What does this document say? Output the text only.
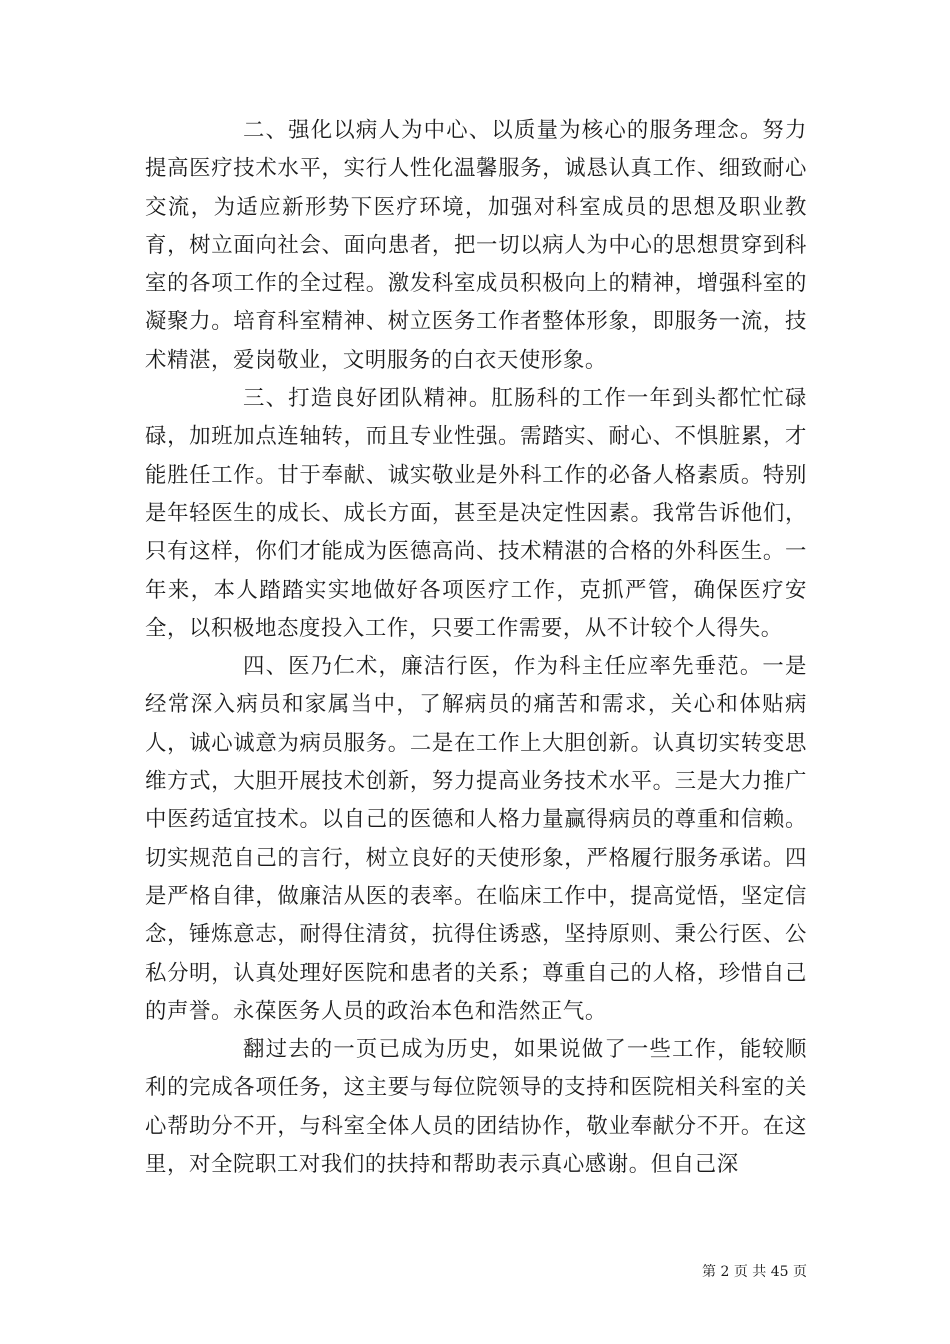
二、强化以病人为中心、以质量为核心的服务理念。努力提高医疗技术水平，实行人性化温馨服务，诚恳认真工作、细致耐心交流，为适应新形势下医疗环境，加强对科室成员的思想及职业教育，树立面向社会、面向患者，把一切以病人为中心的思想贯穿到科室的各项工作的全过程。激发科室成员积极向上的精神，增强科室的凝聚力。培育科室精神、树立医务工作者整体形象，即服务一流，技术精湛，爱岗敬业，文明服务的白衣天使形象。

三、打造良好团队精神。肛肠科的工作一年到头都忙忙碌碌，加班加点连轴转，而且专业性强。需踏实、耐心、不惧脏累，才能胜任工作。甘于奉献、诚实敬业是外科工作的必备人格素质。特别是年轻医生的成长、成长方面，甚至是决定性因素。我常告诉他们，只有这样，你们才能成为医德高尚、技术精湛的合格的外科医生。一年来，本人踏踏实实地做好各项医疗工作，克抓严管，确保医疗安全，以积极地态度投入工作，只要工作需要，从不计较个人得失。

四、医乃仁术，廉洁行医，作为科主任应率先垂范。一是经常深入病员和家属当中，了解病员的痛苦和需求，关心和体贴病人，诚心诚意为病员服务。二是在工作上大胆创新。认真切实转变思维方式，大胆开展技术创新，努力提高业务技术水平。三是大力推广中医药适宜技术。以自己的医德和人格力量赢得病员的尊重和信赖。切实规范自己的言行，树立良好的天使形象，严格履行服务承诺。四是严格自律，做廉洁从医的表率。在临床工作中，提高觉悟，坚定信念，锤炼意志，耐得住清贫，抗得住诱惑，坚持原则、秉公行医、公私分明，认真处理好医院和患者的关系；尊重自己的人格，珍惜自己的声誉。永葆医务人员的政治本色和浩然正气。

翻过去的一页已成为历史，如果说做了一些工作，能较顺利的完成各项任务，这主要与每位院领导的支持和医院相关科室的关心帮助分不开，与科室全体人员的团结协作，敬业奉献分不开。在这里，对全院职工对我们的扶持和帮助表示真心感谢。但自己深

第 2 页 共 45 页
